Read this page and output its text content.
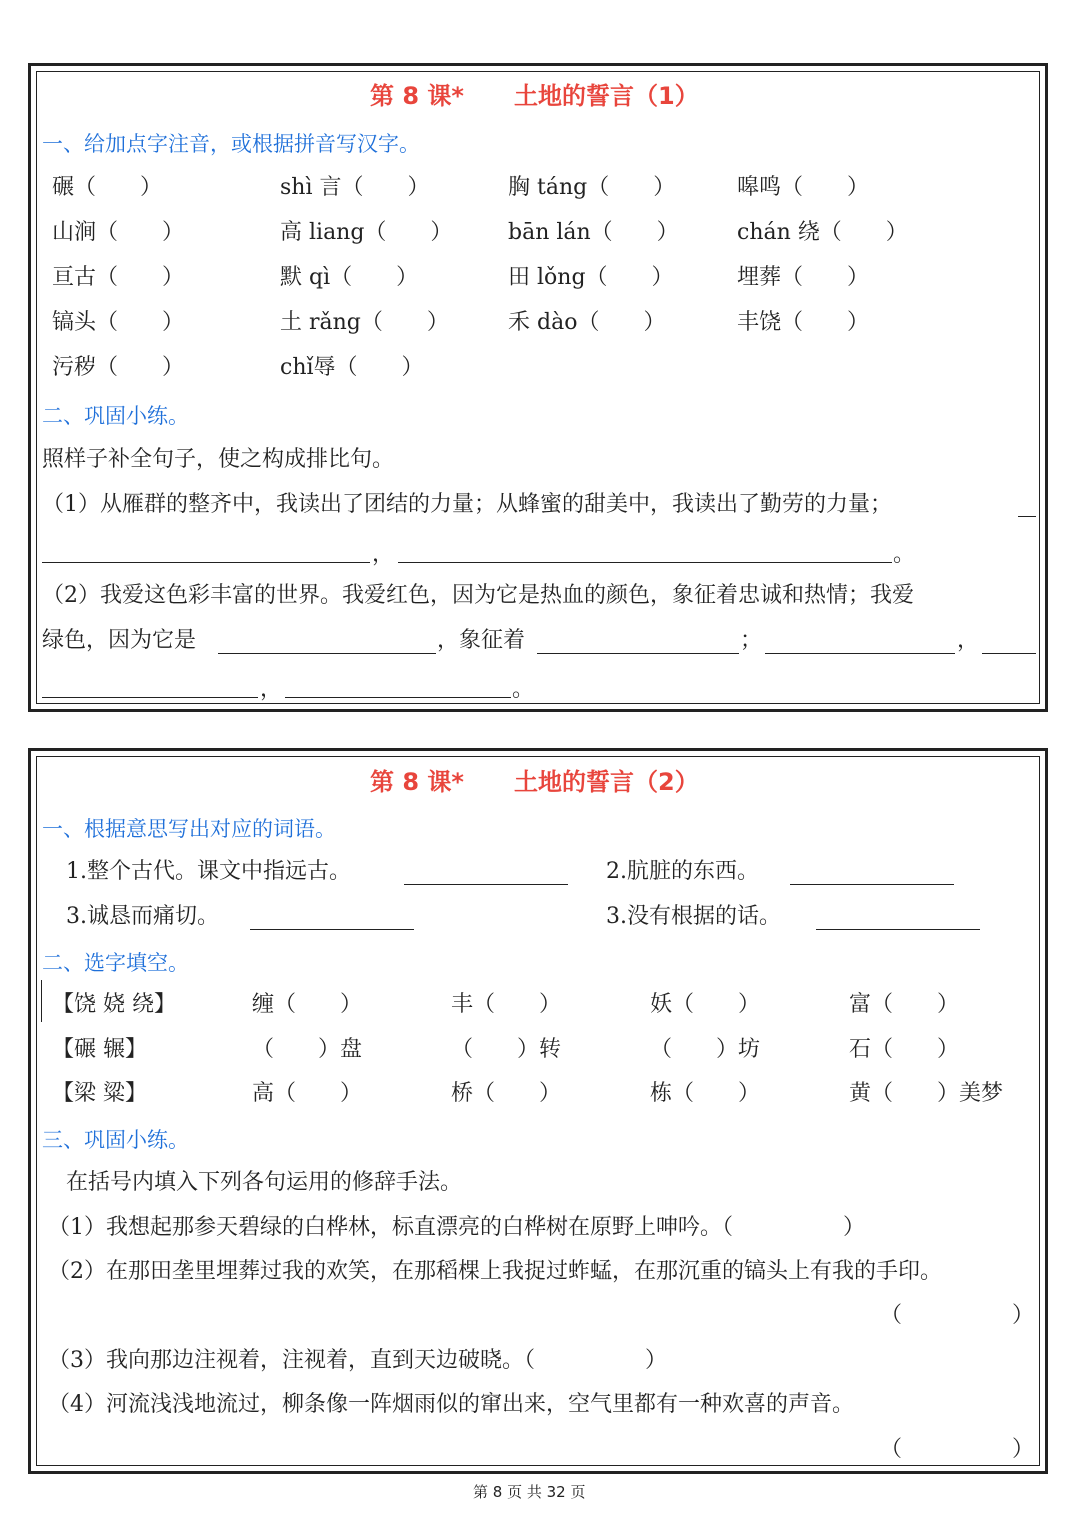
第 8 课* 土地的誓言（1）
一、给加点字注音，或根据拼音写汉字。
碾（　　）	shì 言（　　）	胸 táng（　　）	嗥鸣（　　）
山涧（　　）	高 liang（　　）	bān lán（　　）	chán 绕（　　）
亘古（　　）	默 qì（　　）	田 lǒng（　　）	埋葬（　　）
镐头（　　）	土 rǎng（　　）	禾 dào（　　）	丰饶（　　）
污秽（　　）	chǐ辱（　　）
二、巩固小练。
照样子补全句子，使之构成排比句。
（1）从雁群的整齐中，我读出了团结的力量；从蜂蜜的甜美中，我读出了勤劳的力量；
，	。
（2）我爱这色彩丰富的世界。我爱红色，因为它是热血的颜色，象征着忠诚和热情；我爱
绿色，因为它是	，象征着	；	，
，	。
第 8 课* 土地的誓言（2）
一、根据意思写出对应的词语。
1.整个古代。课文中指远古。	2.肮脏的东西。
3.诚恳而痛切。	3.没有根据的话。
二、选字填空。
【饶 娆 绕】	缠（　　）	丰（　　）	妖（　　）	富（　　）
【碾 辗】	（　　）盘	（　　）转	（　　）坊	石（　　）
【梁 粱】	高（　　）	桥（　　）	栋（　　）	黄（　　）美梦
三、巩固小练。
在括号内填入下列各句运用的修辞手法。
（1）我想起那参天碧绿的白桦林，标直漂亮的白桦树在原野上呻吟。（　　　　　）
（2）在那田垄里埋葬过我的欢笑，在那稻棵上我捉过蚱蜢，在那沉重的镐头上有我的手印。
（　　　　　）
（3）我向那边注视着，注视着，直到天边破晓。（　　　　　）
（4）河流浅浅地流过，柳条像一阵烟雨似的窜出来，空气里都有一种欢喜的声音。
（　　　　　）
第 8 页 共 32 页
